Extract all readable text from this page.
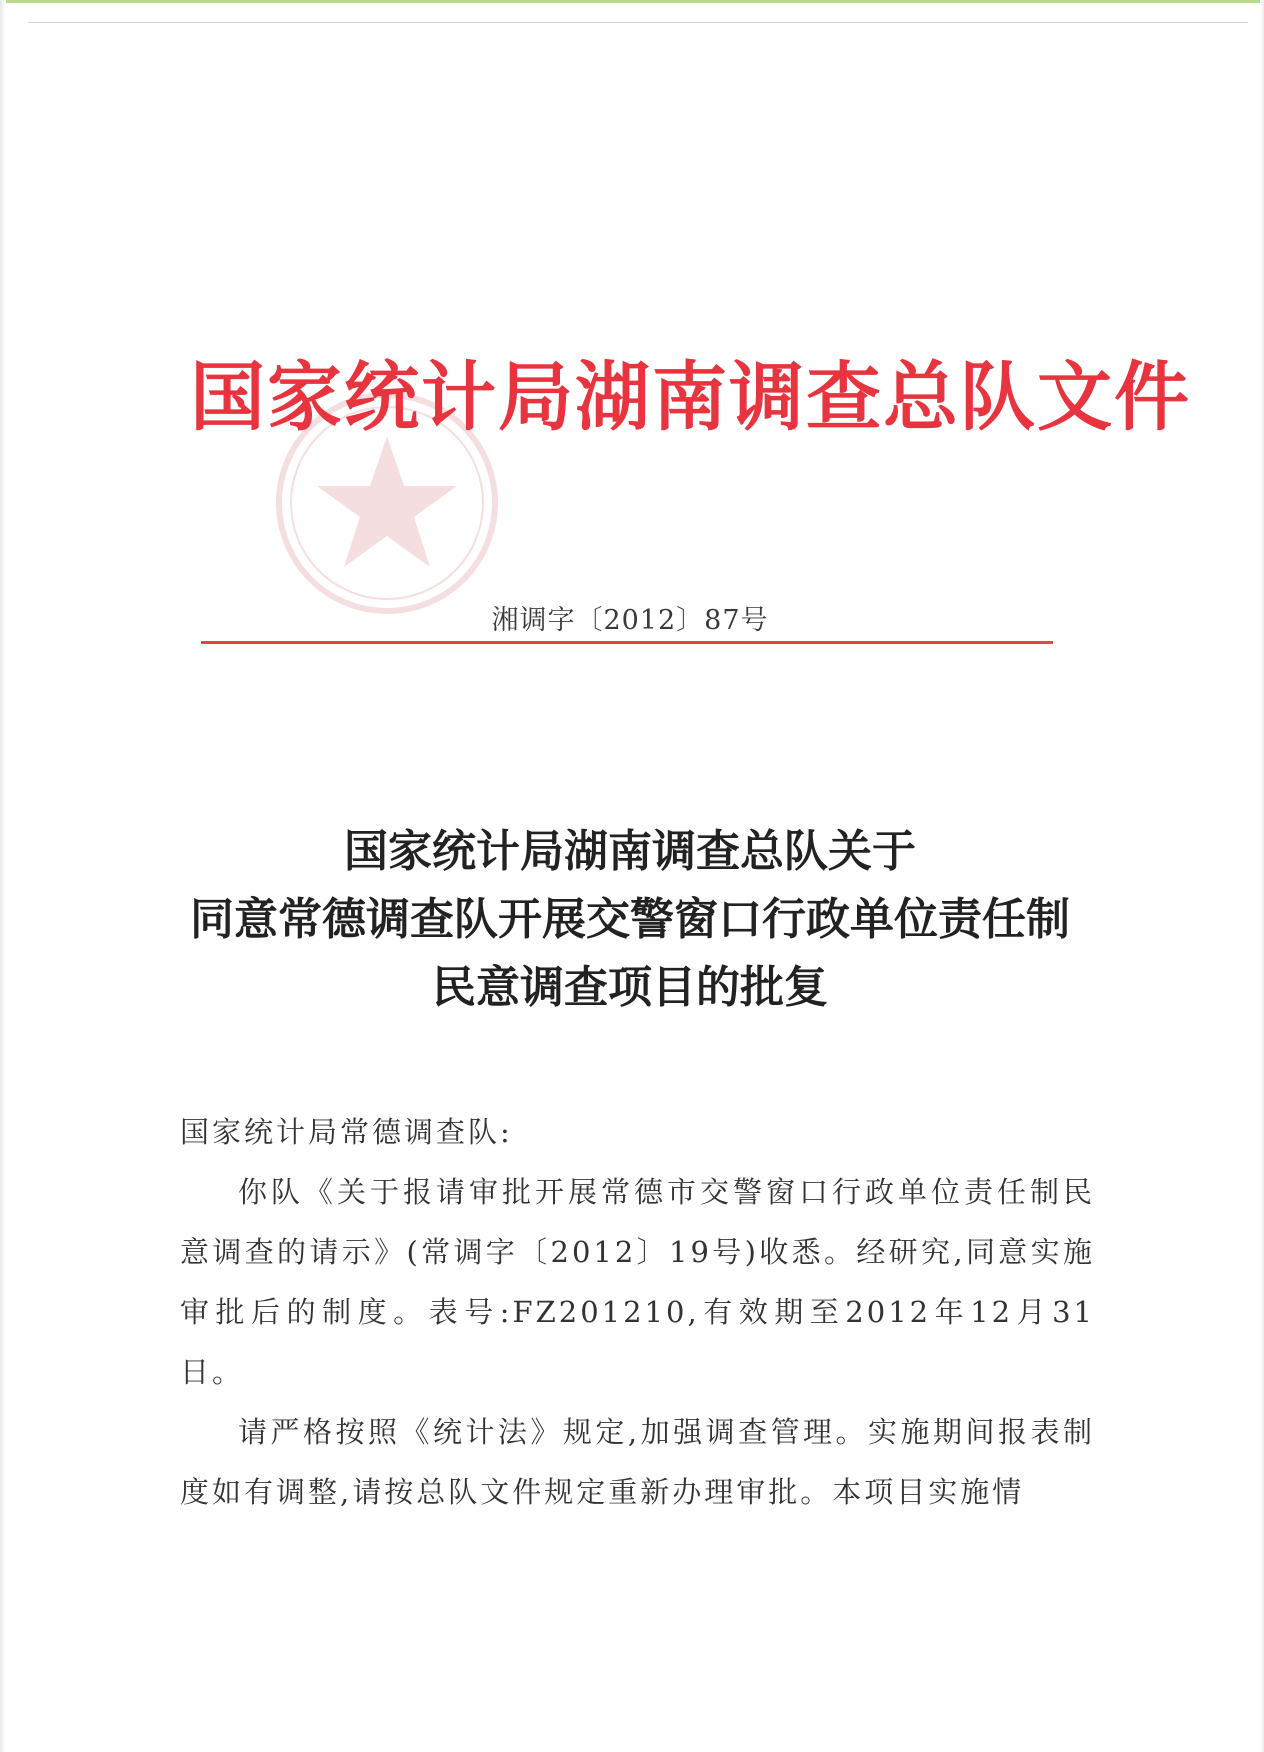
国家统计局湖南调查总队文件
湘调字〔2012〕87号
国家统计局湖南调查总队关于
同意常德调查队开展交警窗口行政单位责任制
民意调查项目的批复
国家统计局常德调查队:
你队《关于报请审批开展常德市交警窗口行政单位责任制民意调查的请示》(常调字〔2012〕19号)收悉。经研究,同意实施审批后的制度。表号:FZ201210,有效期至2012年12月31日。
请严格按照《统计法》规定,加强调查管理。实施期间报表制度如有调整,请按总队文件规定重新办理审批。本项目实施情
